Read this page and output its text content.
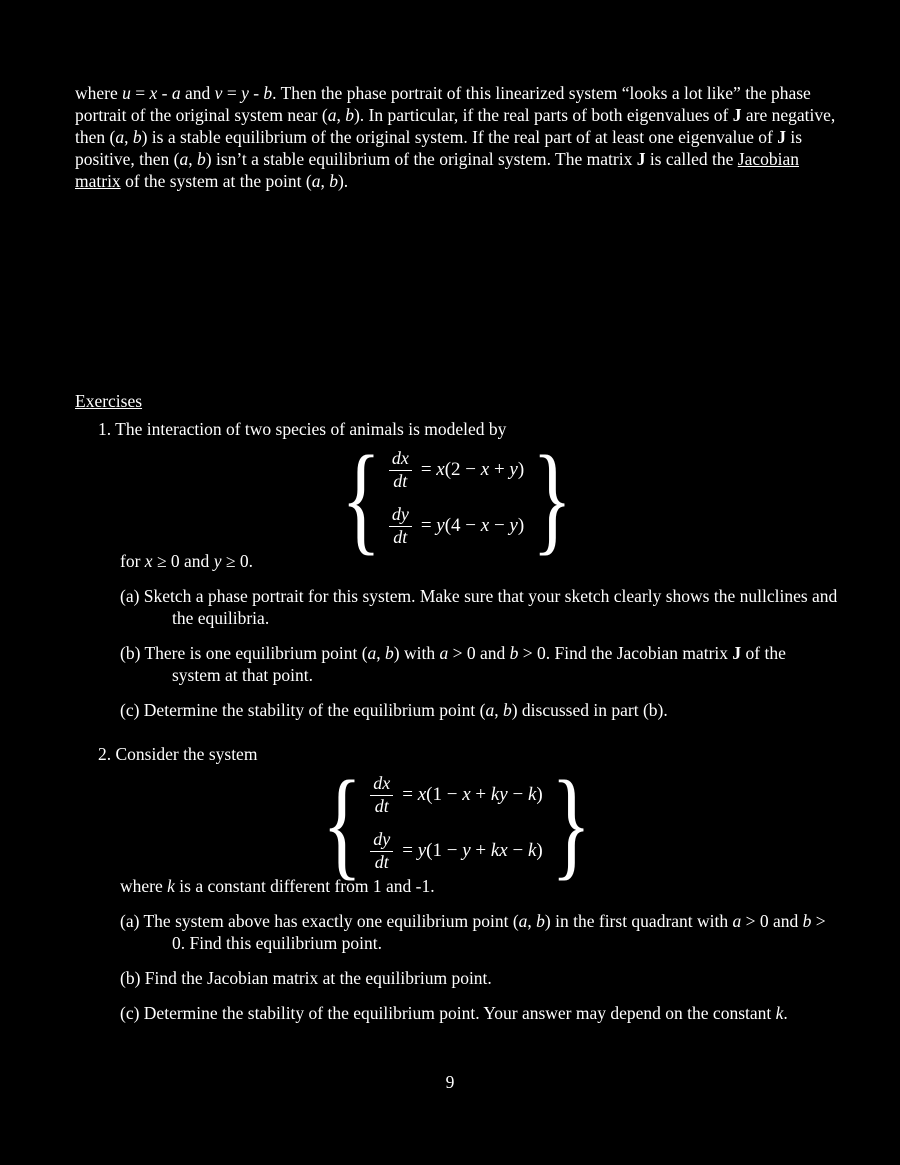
where u = x - a and v = y - b. Then the phase portrait of this linearized system “looks a lot like” the phase portrait of the original system near (a, b). In particular, if the real parts of both eigenvalues of J are negative, then (a, b) is a stable equilibrium of the original system. If the real part of at least one eigenvalue of J is positive, then (a, b) isn’t a stable equilibrium of the original system. The matrix J is called the Jacobian matrix of the system at the point (a, b).

Exercises
1. The interaction of two species of animals is modeled by
{ $\frac{dx}{dt} = x(2 - x + y)$
$\frac{dy}{dt} = y(4 - x - y)$ }
for x ≥ 0 and y ≥ 0.
(a) Sketch a phase portrait for this system. Make sure that your sketch clearly shows the nullclines and the equilibria.
(b) There is one equilibrium point (a, b) with a > 0 and b > 0. Find the Jacobian matrix J of the system at that point.
(c) Determine the stability of the equilibrium point (a, b) discussed in part (b).
2. Consider the system
{ $\frac{dx}{dt} = x(1 - x$ + ky − k)
$\frac{dy}{dt} = y(1 - y$ + kx − k) }
where k is a constant different from 1 and -1.
(a) The system above has exactly one equilibrium point (a, b) in the first quadrant with a > 0 and b > 0. Find this equilibrium point.
(b) Find the Jacobian matrix at the equilibrium point.
(c) Determine the stability of the equilibrium point. Your answer may depend on the constant k.
9
